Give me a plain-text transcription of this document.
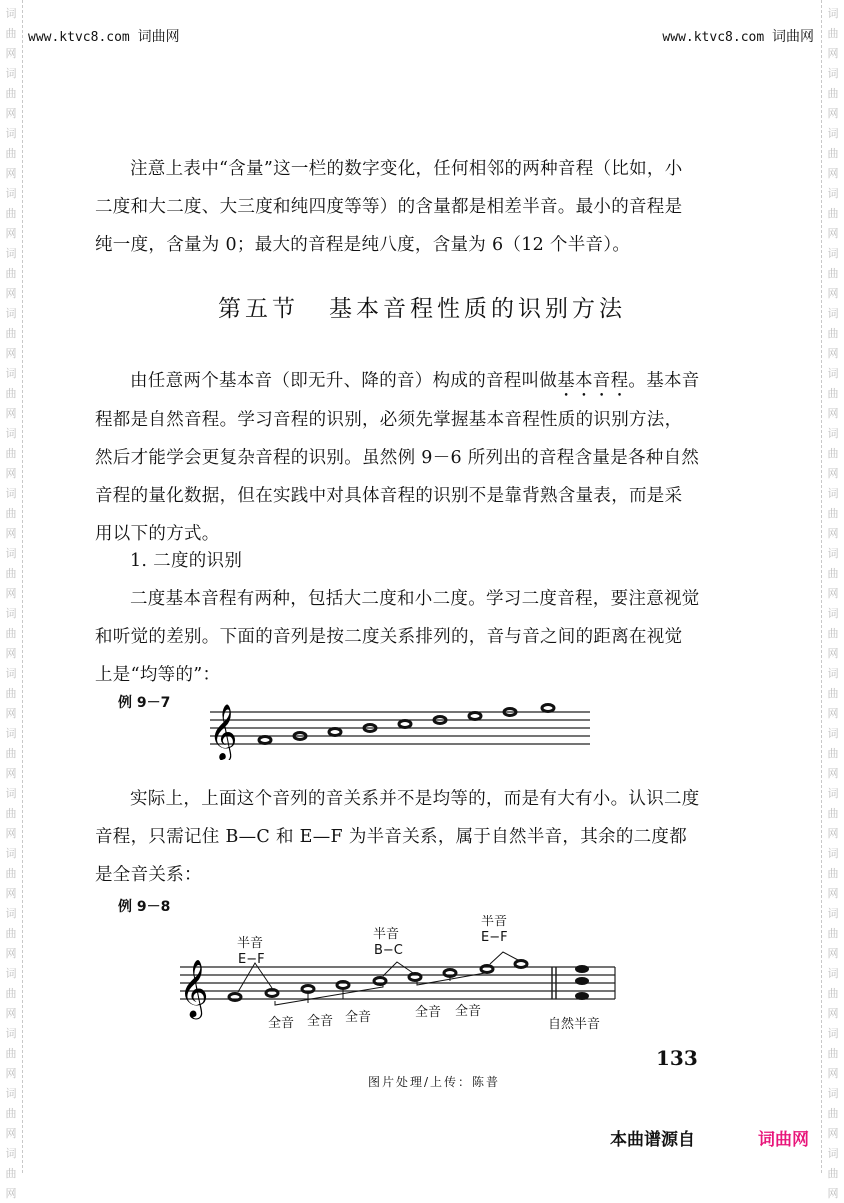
词
曲
网
词
曲
网
词
曲
网
词
曲
网
词
曲
网
词
曲
网
词
曲
网
词
曲
网
词
曲
网
词
曲
网
词
曲
网
词
曲
网
词
曲
网
词
曲
网
词
曲
网
词
曲
网
词
曲
网
词
曲
网
词
曲
网
词
曲
网
词
曲
网
词
曲
网
词
曲
网
词
曲
网
词
曲
网
词
曲
网
词
曲
网
词
曲
网
词
曲
网
词
曲
网
词
曲
网
词
曲
网
词
曲
网
词
曲
网
词
曲
网
词
曲
网
词
曲
网
词
曲
网
词
曲
网
词
曲
网
www.ktvc8.com 词曲网	www.ktvc8.com 词曲网

注意上表中“含量”这一栏的数字变化，任何相邻的两种音程（比如，小二度和大二度、大三度和纯四度等等）的含量都是相差半音。最小的音程是纯一度，含量为 0；最大的音程是纯八度，含量为 6（12 个半音）。

第五节 基本音程性质的识别方法

由任意两个基本音（即无升、降的音）构成的音程叫做基本音程。基本音程都是自然音程。学习音程的识别，必须先掌握基本音程性质的识别方法，然后才能学会更复杂音程的识别。虽然例 9－6 所列出的音程含量是各种自然音程的量化数据，但在实践中对具体音程的识别不是靠背熟含量表，而是采用以下的方式。

1. 二度的识别

二度基本音程有两种，包括大二度和小二度。学习二度音程，要注意视觉和听觉的差别。下面的音列是按二度关系排列的，音与音之间的距离在视觉上是“均等的”：

例 9－7
𝄞

实际上，上面这个音列的音关系并不是均等的，而是有大有小。认识二度音程，只需记住 B—C 和 E—F 为半音关系，属于自然半音，其余的二度都是全音关系：

例 9－8
𝄞
半音
E−F
半音
B−C
半音
E−F
全音 全音 全音	全音 全音
自然半音
133
图片处理/上传：陈普
本曲谱源自	词曲网
